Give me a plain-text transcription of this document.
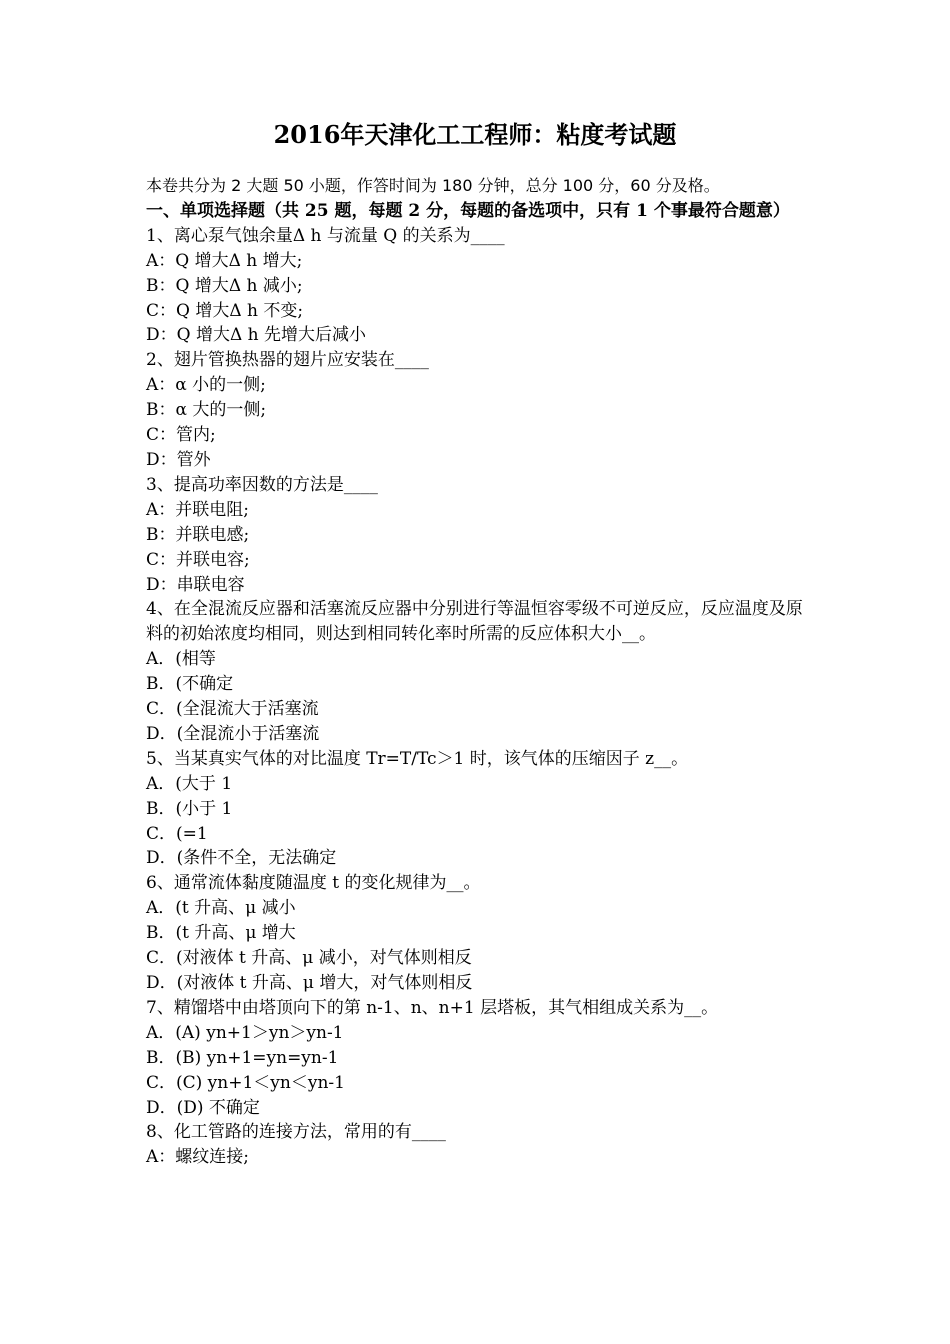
2016年天津化工工程师：粘度考试题
本卷共分为 2 大题 50 小题，作答时间为 180 分钟，总分 100 分，60 分及格。
一、单项选择题（共 25 题，每题 2 分，每题的备选项中，只有 1 个事最符合题意）
1、离心泵气蚀余量Δ h 与流量 Q 的关系为____
A：Q 增大Δ h 增大;
B：Q 增大Δ h 减小;
C：Q 增大Δ h 不变;
D：Q 增大Δ h 先增大后减小
2、翅片管换热器的翅片应安装在____
A：α 小的一侧;
B：α 大的一侧;
C：管内;
D：管外
3、提高功率因数的方法是____
A：并联电阻;
B：并联电感;
C：并联电容;
D：串联电容
4、在全混流反应器和活塞流反应器中分别进行等温恒容零级不可逆反应，反应温度及原料的初始浓度均相同，则达到相同转化率时所需的反应体积大小__。
A．(相等
B．(不确定
C．(全混流大于活塞流
D．(全混流小于活塞流
5、当某真实气体的对比温度 Tr=T/Tc＞1 时，该气体的压缩因子 z__。
A．(大于 1
B．(小于 1
C．(=1
D．(条件不全，无法确定
6、通常流体黏度随温度 t 的变化规律为__。
A．(t 升高、μ 减小
B．(t 升高、μ 增大
C．(对液体 t 升高、μ 减小，对气体则相反
D．(对液体 t 升高、μ 增大，对气体则相反
7、精馏塔中由塔顶向下的第 n-1、n、n+1 层塔板，其气相组成关系为__。
A．(A) yn+1＞yn＞yn-1
B．(B) yn+1=yn=yn-1
C．(C) yn+1＜yn＜yn-1
D．(D) 不确定
8、化工管路的连接方法，常用的有____
A：螺纹连接;
